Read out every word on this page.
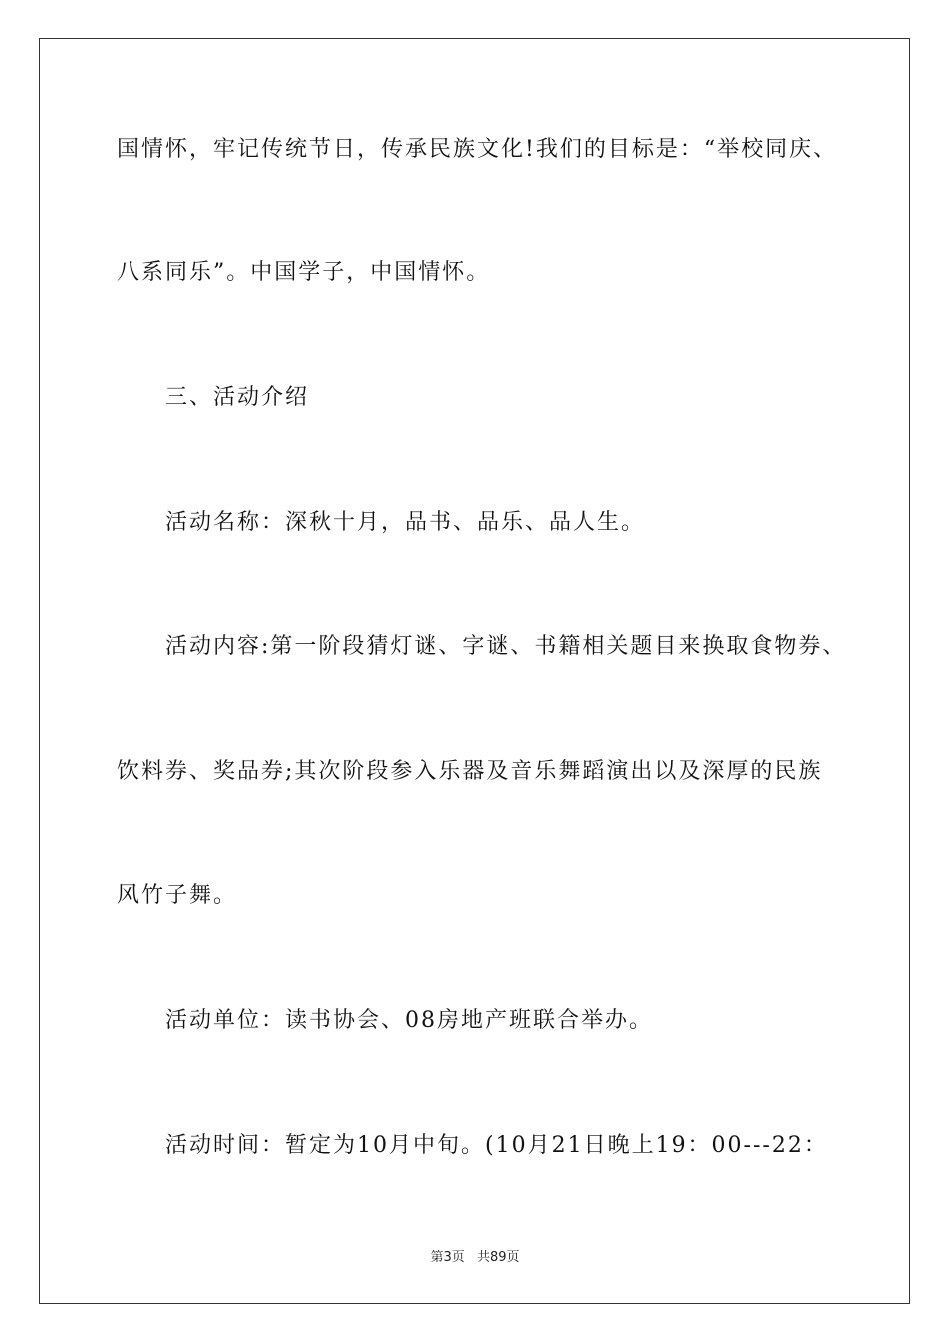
国情怀，牢记传统节日，传承民族文化!我们的目标是：“举校同庆、
八系同乐”。中国学子，中国情怀。
三、活动介绍
活动名称：深秋十月，品书、品乐、品人生。
活动内容:第一阶段猜灯谜、字谜、书籍相关题目来换取食物券、
饮料券、奖品券;其次阶段参入乐器及音乐舞蹈演出以及深厚的民族
风竹子舞。
活动单位：读书协会、08房地产班联合举办。
活动时间：暂定为10月中旬。(10月21日晚上19：00---22：
第3页 共89页
